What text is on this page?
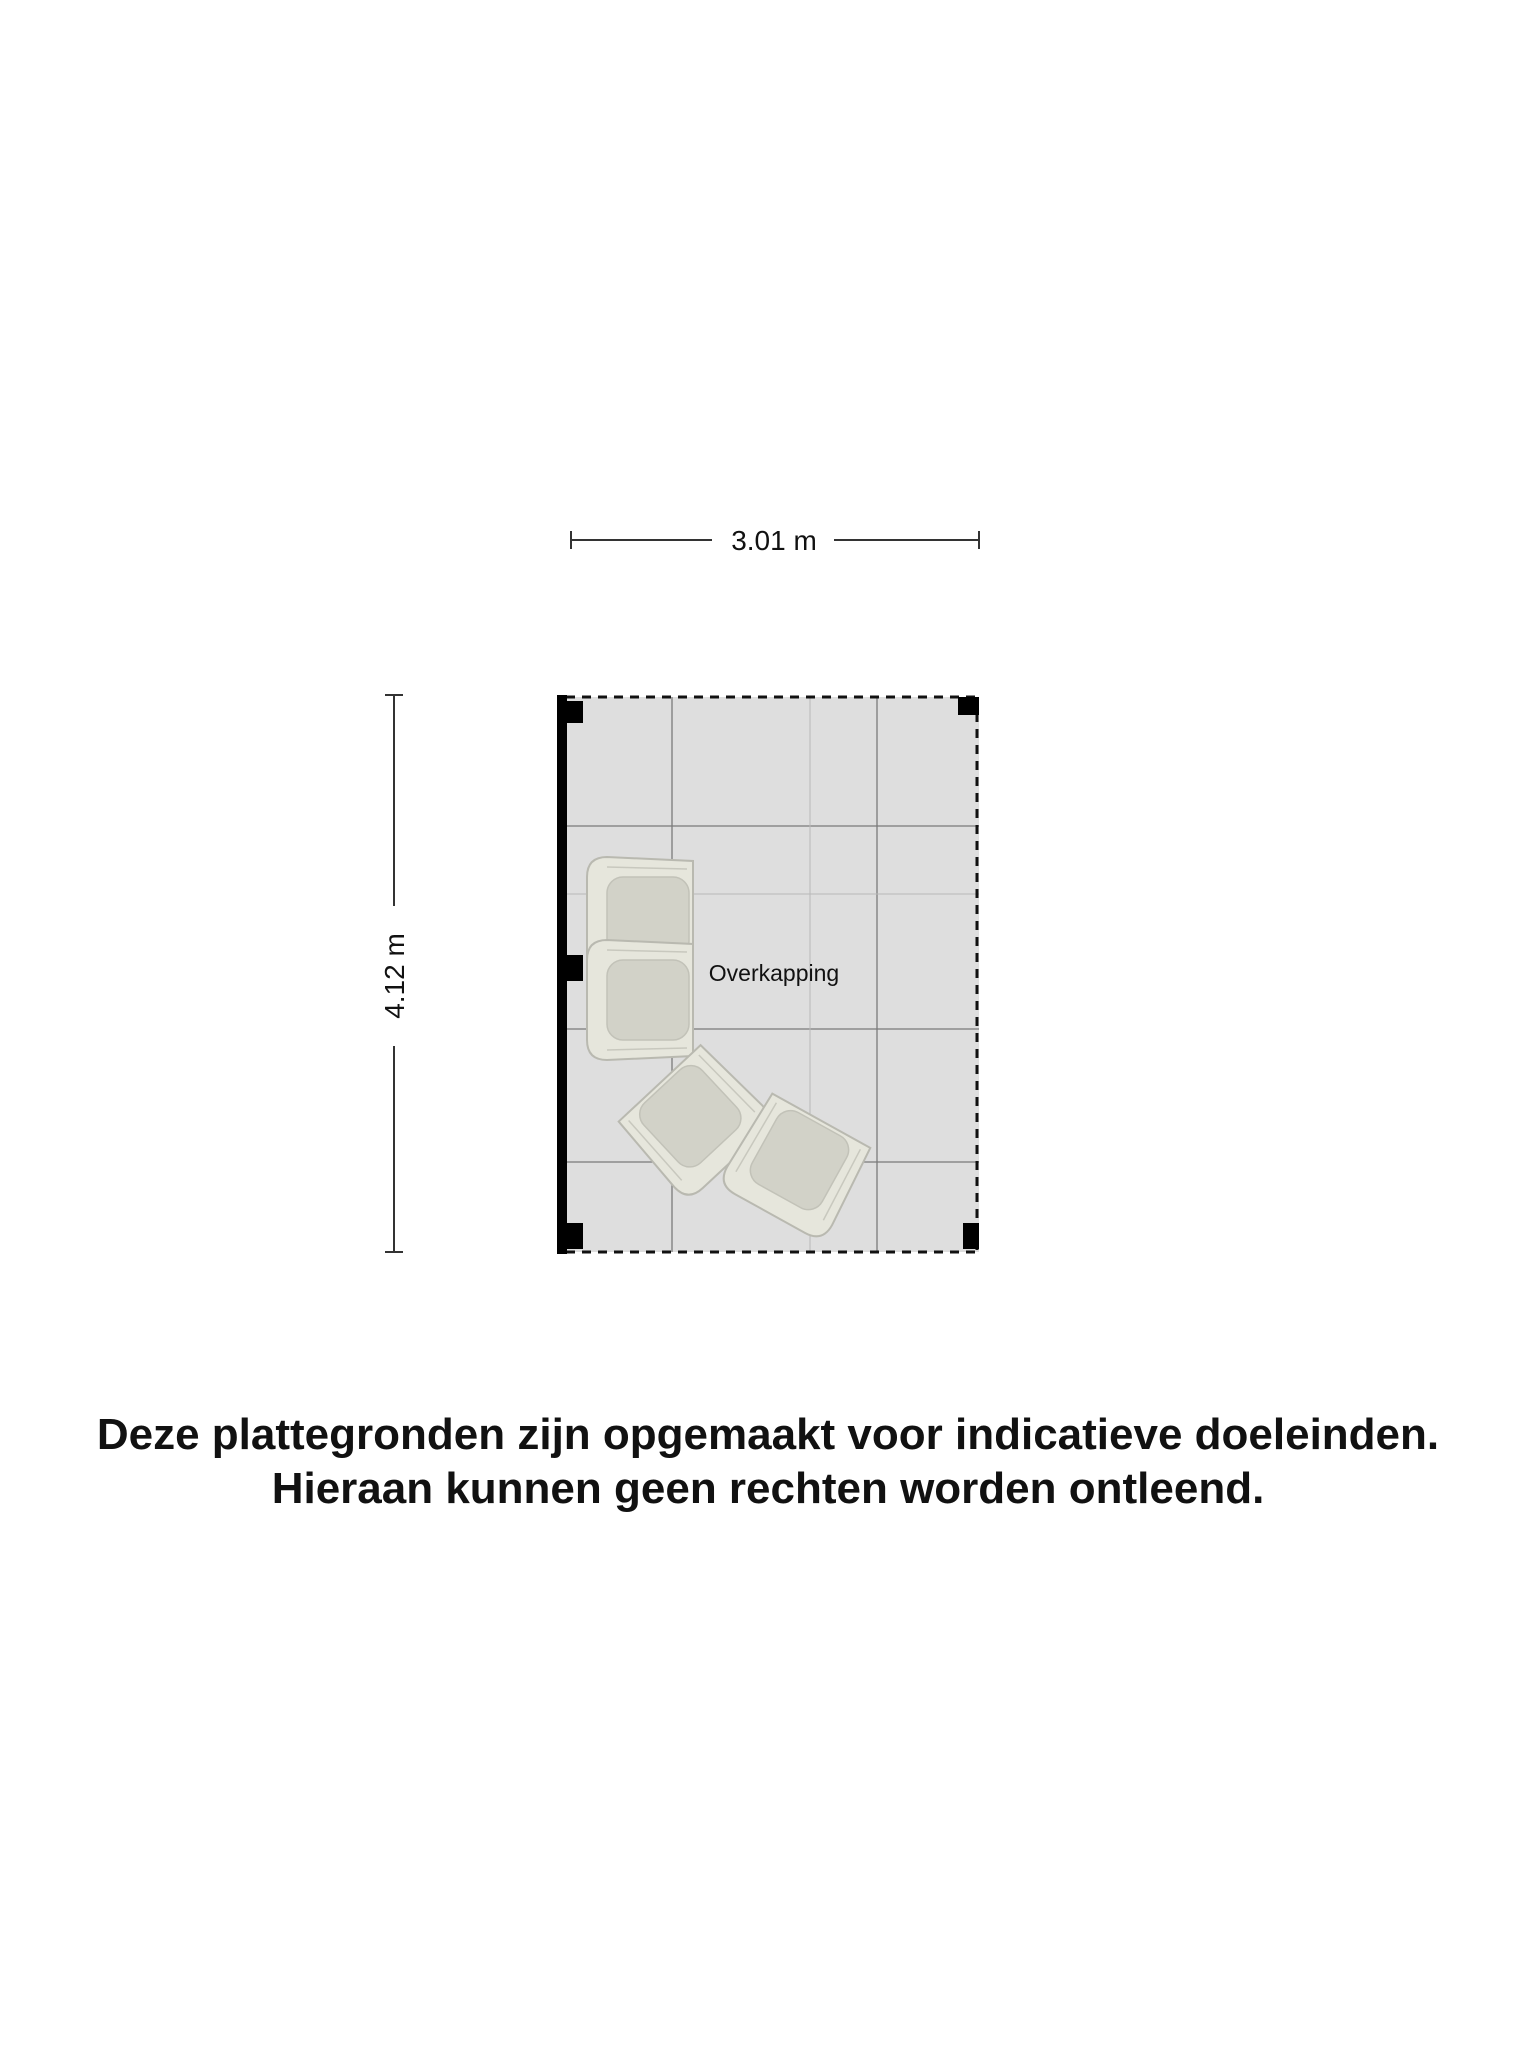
3.01 m
4.12 m	Overkapping
Deze plattegronden zijn opgemaakt voor indicatieve doeleinden.
Hieraan kunnen geen rechten worden ontleend.
